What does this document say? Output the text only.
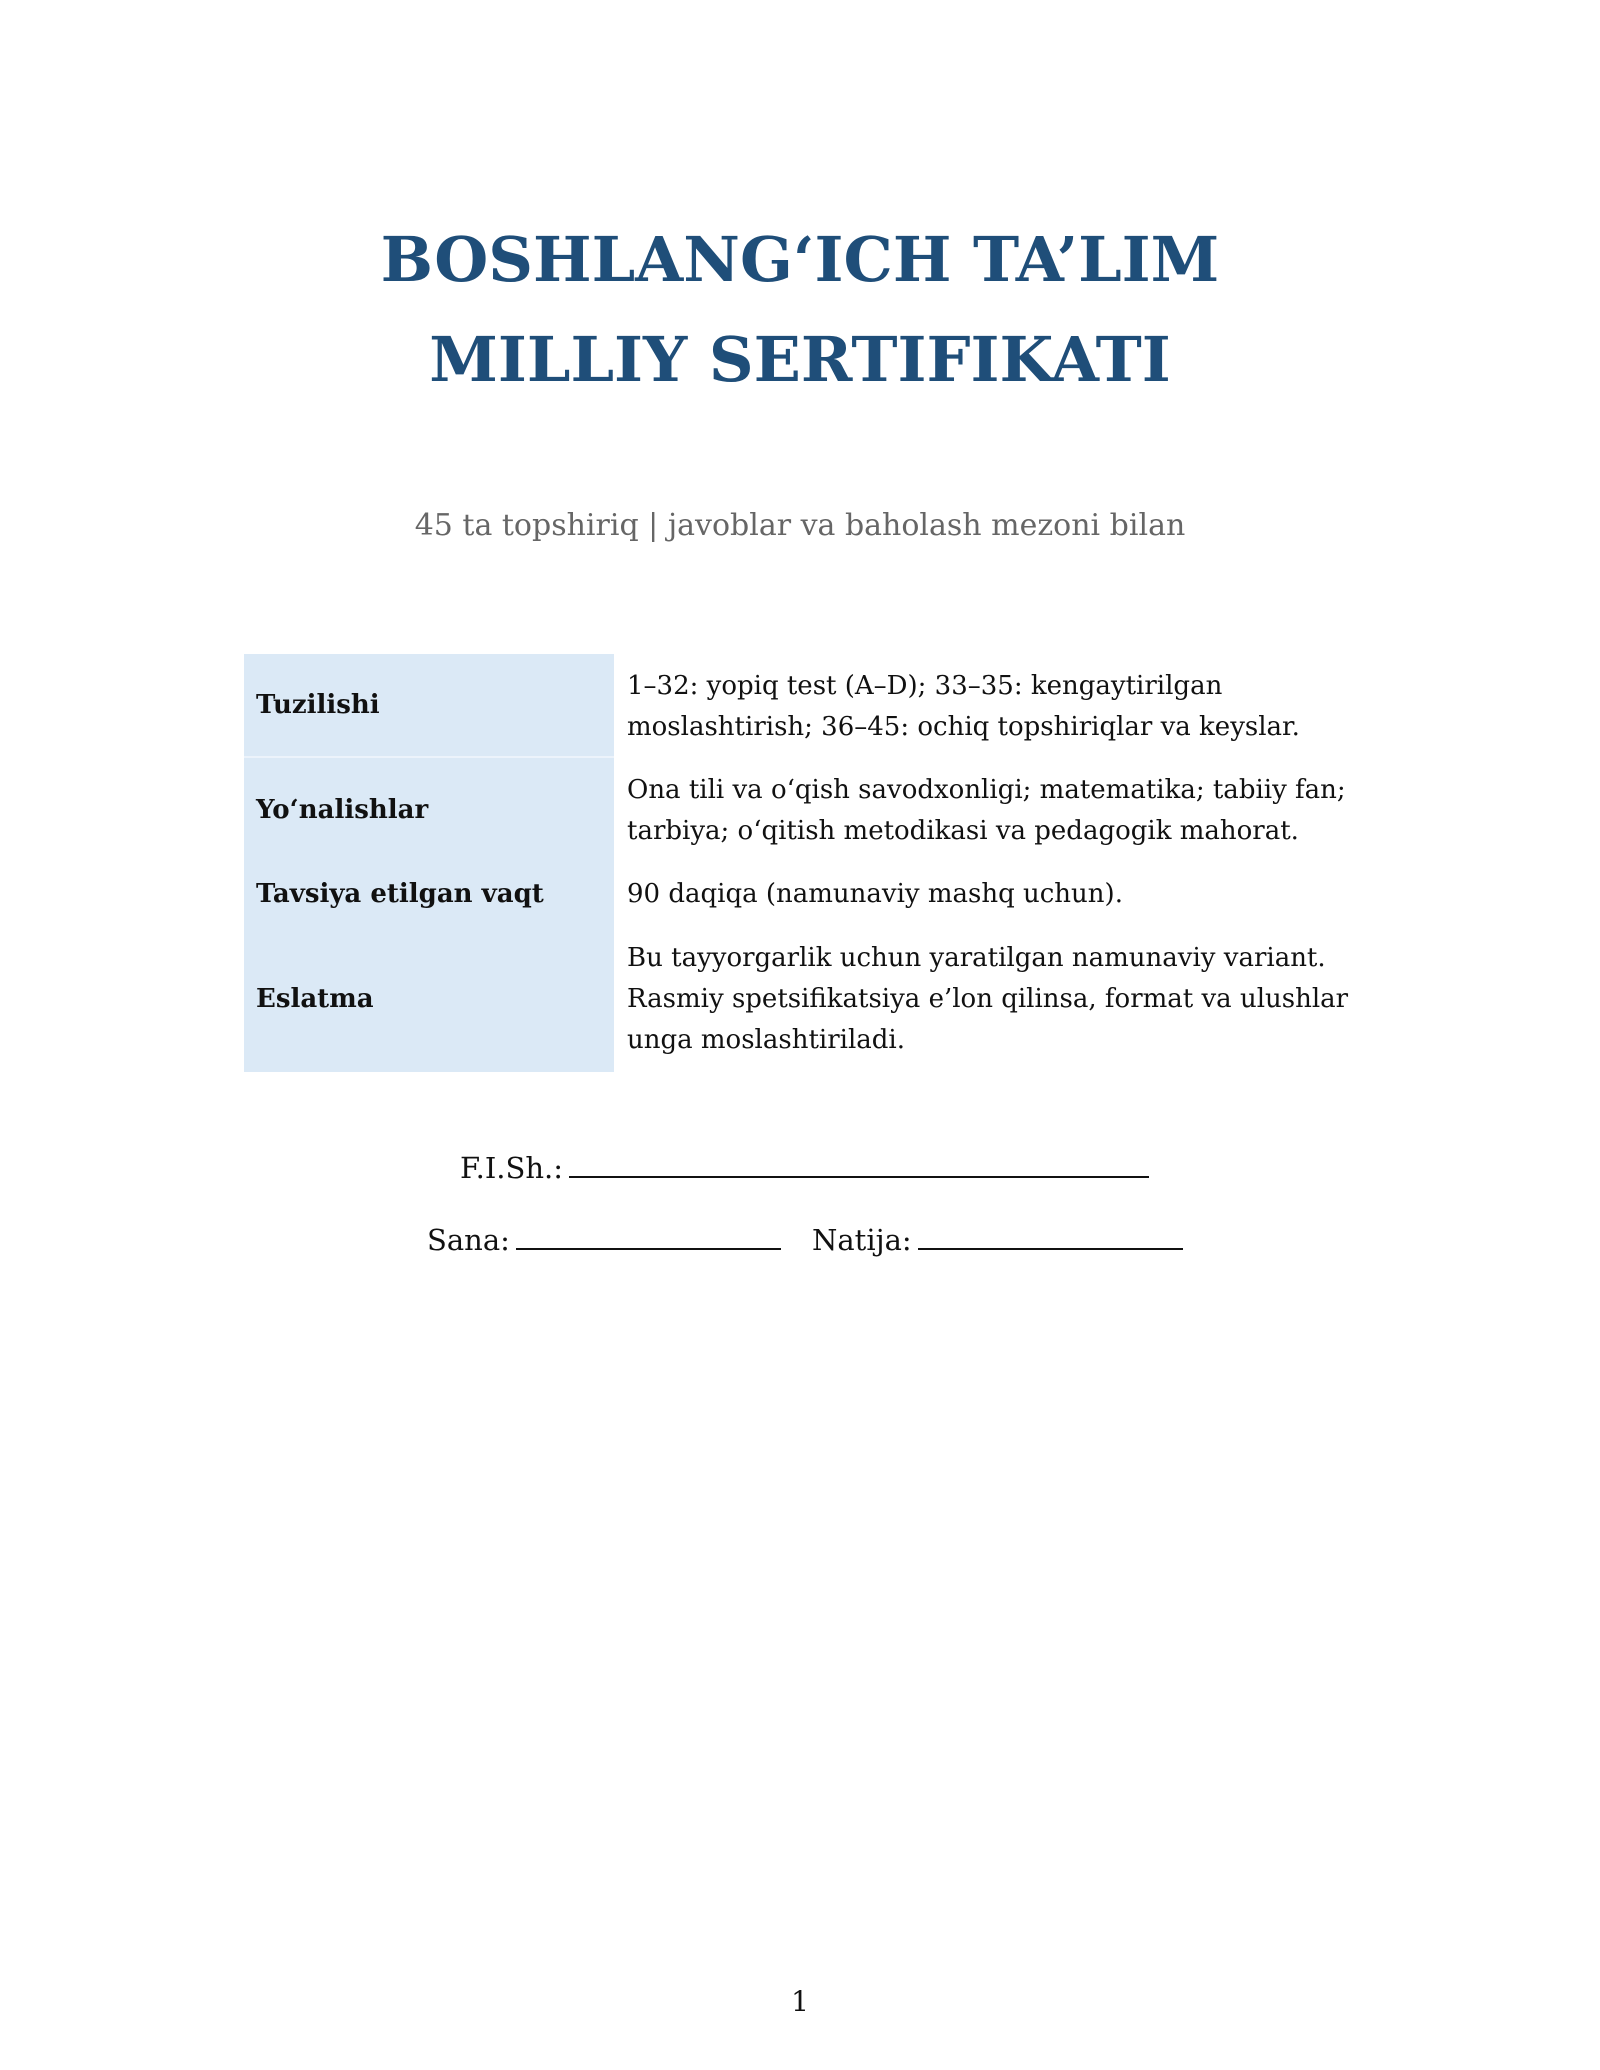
BOSHLANG‘ICH TA’LIM
MILLIY SERTIFIKATI
45 ta topshiriq | javoblar va baholash mezoni bilan
Tuzilishi
1–32: yopiq test (A–D); 33–35: kengaytirilgan
moslashtirish; 36–45: ochiq topshiriqlar va keyslar.
Yo‘nalishlar
Ona tili va o‘qish savodxonligi; matematika; tabiiy fan;
tarbiya; o‘qitish metodikasi va pedagogik mahorat.
Tavsiya etilgan vaqt	90 daqiqa (namunaviy mashq uchun).
Eslatma
Bu tayyorgarlik uchun yaratilgan namunaviy variant.
Rasmiy spetsifikatsiya e’lon qilinsa, format va ulushlar
unga moslashtiriladi.
F.I.Sh.:
Sana:	Natija:
1
